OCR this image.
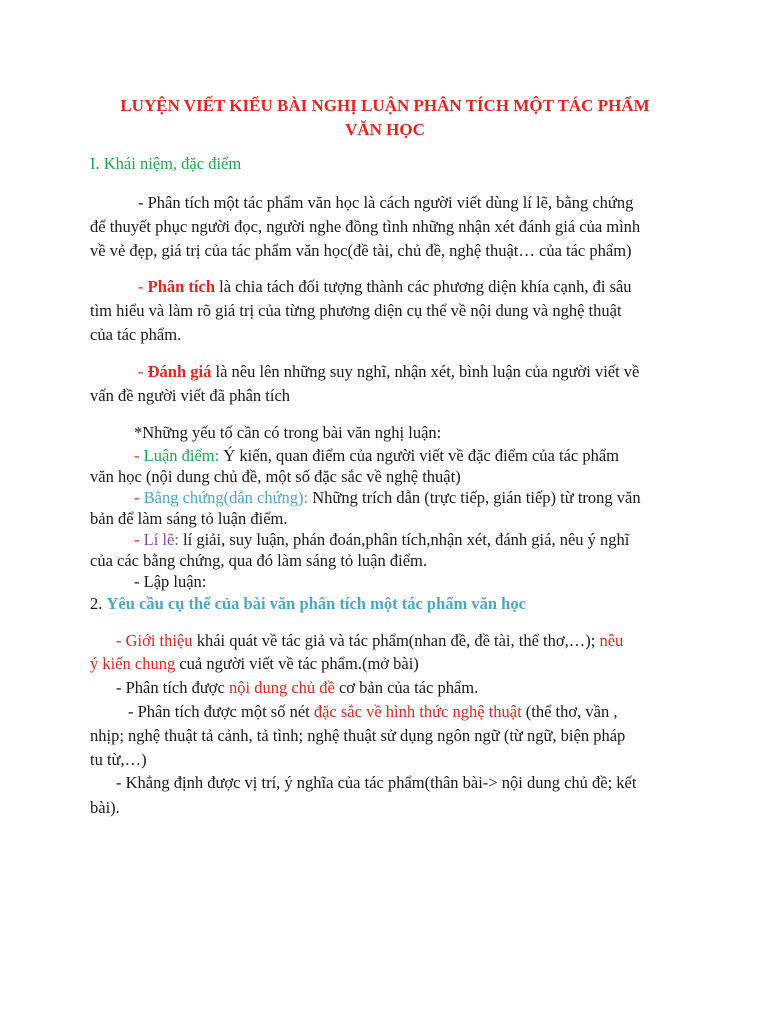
LUYỆN VIẾT KIỂU BÀI NGHỊ LUẬN PHÂN TÍCH MỘT TÁC PHẨM
VĂN HỌC
I. Khái niệm, đặc điểm
- Phân tích một tác phẩm văn học là cách người viết dùng lí lẽ, bằng chứng
để thuyết phục người đọc, người nghe đồng tình những nhận xét đánh giá của mình
về vẻ đẹp, giá trị của tác phẩm văn học(đề tài, chủ đề, nghệ thuật… của tác phẩm)
- Phân tích là chia tách đối tượng thành các phương diện khía cạnh, đi sâu
tìm hiểu và làm rõ giá trị của từng phương diện cụ thể về nội dung và nghệ thuật
của tác phẩm.
- Đánh giá là nêu lên những suy nghĩ, nhận xét, bình luận của người viết về
vấn đề người viết đã phân tích
*Những yếu tố cần có trong bài văn nghị luận:
- Luận điểm: Ý kiến, quan điểm của người viết về đặc điểm của tác phẩm
văn học (nội dung chủ đề, một số đặc sắc về nghệ thuật)
- Bằng chứng(dẫn chứng): Những trích dẫn (trực tiếp, gián tiếp) từ trong văn
bản để làm sáng tỏ luận điểm.
- Lí lẽ: lí giải, suy luận, phán đoán,phân tích,nhận xét, đánh giá, nêu ý nghĩ
của các bằng chứng, qua đó làm sáng tỏ luận điểm.
- Lập luận:
2. Yêu cầu cụ thể của bài văn phân tích một tác phẩm văn học
- Giới thiệu khái quát về tác giả và tác phẩm(nhan đề, đề tài, thể thơ,…); nêu
ý kiến chung cuả người viết về tác phẩm.(mở bài)
- Phân tích được nội dung chủ đề cơ bản của tác phẩm.
- Phân tích được một số nét đặc sắc về hình thức nghệ thuật (thể thơ, vần ,
nhịp; nghệ thuật tả cảnh, tả tình; nghệ thuật sử dụng ngôn ngữ (từ ngữ, biện pháp
tu từ,…)
- Khẳng định được vị trí, ý nghĩa của tác phẩm(thân bài-> nội dung chủ đề; kết
bài).
